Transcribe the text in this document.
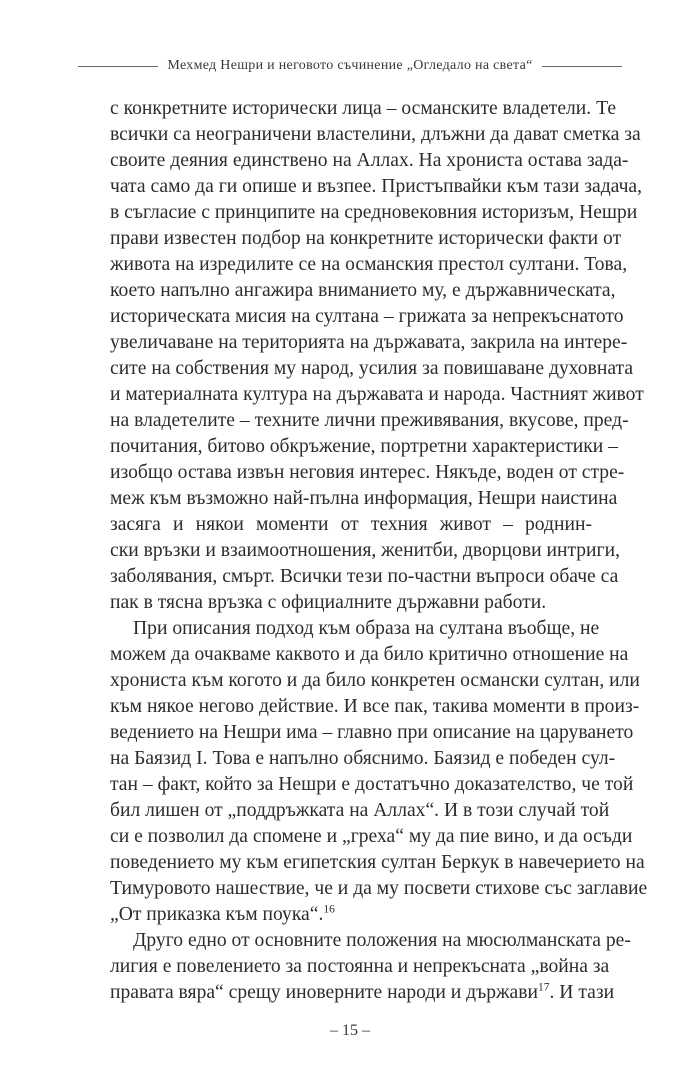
Мехмед Нешри и неговото съчинение „Огледало на света“
с конкретните исторически лица – османските владетели. Те
всички са неограничени властелини, длъжни да дават сметка за
своите деяния единствено на Аллах. На хрониста остава зада-
чата само да ги опише и възпее. Пристъпвайки към тази задача,
в съгласие с принципите на средновековния историзъм, Нешри
прави известен подбор на конкретните исторически факти от
живота на изредилите се на османския престол султани. Това,
което напълно ангажира вниманието му, е държавническата,
историческата мисия на султана – грижата за непрекъснатото
увеличаване на територията на държавата, закрила на интере-
сите на собствения му народ, усилия за повишаване духовната
и материалната култура на държавата и народа. Частният живот
на владетелите – техните лични преживявания, вкусове, пред-
почитания, битово обкръжение, портретни характеристики –
изобщо остава извън неговия интерес. Някъде, воден от стре-
меж към възможно най-пълна информация, Нешри наистина
засяга и някои моменти от техния живот – роднин-
ски връзки и взаимоотношения, женитби, дворцови интриги,
заболявания, смърт. Всички тези по-частни въпроси обаче са
пак в тясна връзка с официалните държавни работи.
При описания подход към образа на султана въобще, не
можем да очакваме каквото и да било критично отношение на
хрониста към когото и да било конкретен османски султан, или
към някое негово действие. И все пак, такива моменти в произ-
ведението на Нешри има – главно при описание на царуването
на Баязид I. Това е напълно обяснимо. Баязид е победен сул-
тан – факт, който за Нешри е достатъчно доказателство, че той
бил лишен от „поддръжката на Аллах“. И в този случай той
си е позволил да спомене и „греха“ му да пие вино, и да осъди
поведението му към египетския султан Беркук в навечерието на
Тимуровото нашествие, че и да му посвети стихове със заглавие
„От приказка към поука“.$^{16}$
Друго едно от основните положения на мюсюлманската ре-
лигия е повелението за постоянна и непрекъсната „война за
правата вяра“ срещу иноверните народи и държави$^{17}$. И тази
– 15 –
